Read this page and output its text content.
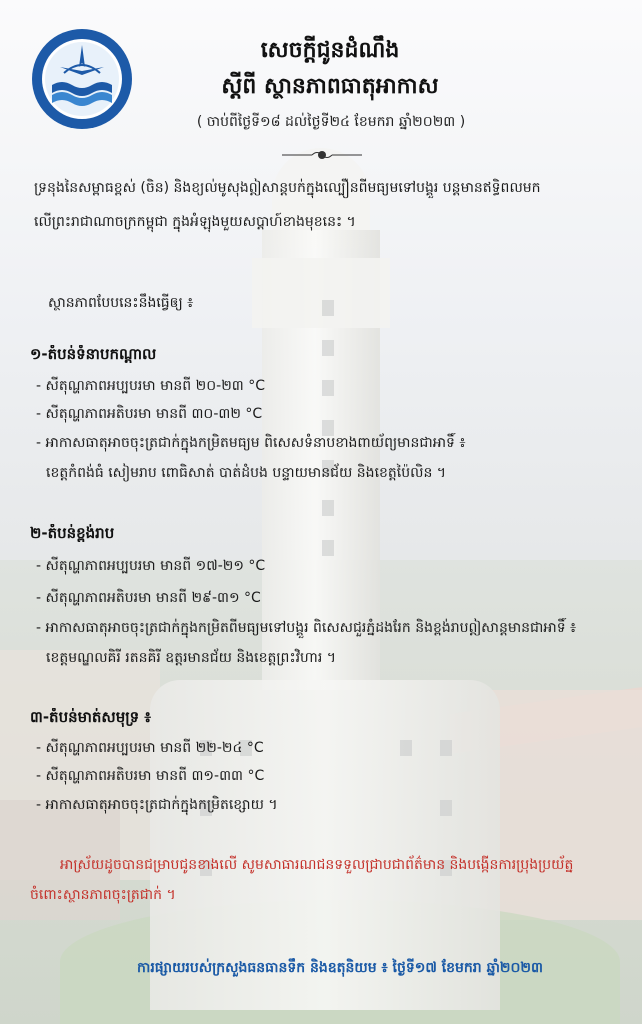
សេចក្តីជូនដំណឹង
ស្តីពី ស្ថានភាពធាតុអាកាស
( ចាប់ពីថ្ងៃទី១៨ ដល់ថ្ងៃទី២៤ ខែមករា ឆ្នាំ២០២៣ )
ទ្រនុងនៃសម្ពាធខ្ពស់ (ចិន) និងខ្យល់មូសុងឦសាន្តបក់ក្នុងល្បឿនពីមធ្យមទៅបង្គួរ បន្តមានឥទ្ធិពលមក
លើព្រះរាជាណាចក្រកម្ពុជា ក្នុងអំឡុងមួយសប្តាហ៍ខាងមុខនេះ ។
ស្ថានភាពបែបនេះនឹងធ្វើឲ្យ ៖
១-តំបន់ទំនាបកណ្តាល
- សីតុណ្ហភាពអប្បបរមា មានពី ២០-២៣ °C
- សីតុណ្ហភាពអតិបរមា មានពី ៣០-៣២ °C
- អាកាសធាតុអាចចុះត្រជាក់ក្នុងកម្រិតមធ្យម ពិសេសទំនាបខាងពាយ័ព្យមានជាអាទិ៍ ៖
ខេត្តកំពង់ធំ សៀមរាប ពោធិសាត់ បាត់ដំបង បន្ទាយមានជ័យ និងខេត្តប៉ៃលិន ។
២-តំបន់ខ្ពង់រាប
- សីតុណ្ហភាពអប្បបរមា មានពី ១៧-២១ °C
- សីតុណ្ហភាពអតិបរមា មានពី ២៩-៣១ °C
- អាកាសធាតុអាចចុះត្រជាក់ក្នុងកម្រិតពីមធ្យមទៅបង្គួរ ពិសេសជួរភ្នំដងរែក និងខ្ពង់រាបឦសាន្តមានជាអាទិ៍ ៖
ខេត្តមណ្ឌលគិរី រតនគិរី ឧត្តរមានជ័យ និងខេត្តព្រះវិហារ ។
៣-តំបន់មាត់សមុទ្រ ៖
- សីតុណ្ហភាពអប្បបរមា មានពី ២២-២៤ °C
- សីតុណ្ហភាពអតិបរមា មានពី ៣១-៣៣ °C
- អាកាសធាតុអាចចុះត្រជាក់ក្នុងកម្រិតខ្សោយ ។
អាស្រ័យដូចបានជម្រាបជូនខាងលើ សូមសាធារណជនទទួលជ្រាបជាព័ត៌មាន និងបង្កើនការប្រុងប្រយ័ត្ន
ចំពោះស្ថានភាពចុះត្រជាក់ ។
ការផ្សាយរបស់ក្រសួងធនធានទឹក និងឧតុនិយម ៖ ថ្ងៃទី១៧ ខែមករា ឆ្នាំ២០២៣
